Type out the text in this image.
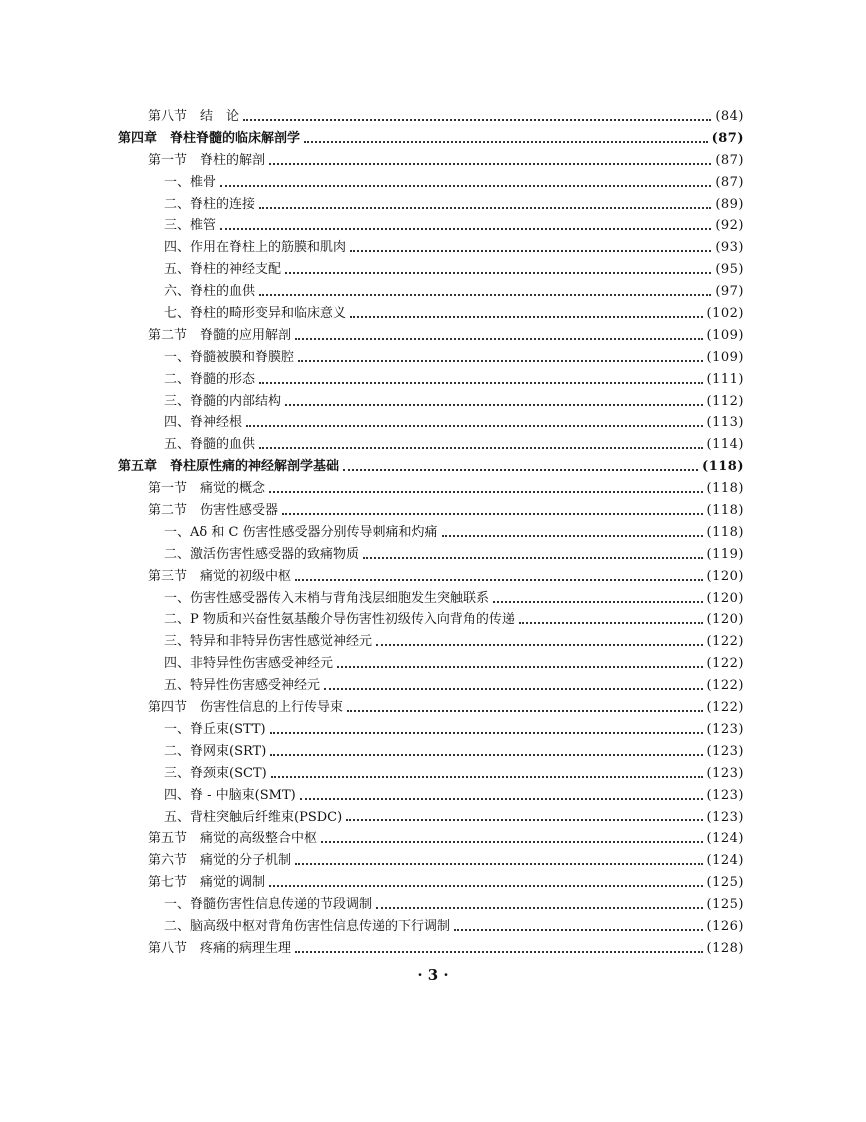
第八节　结　论	(84)
第四章　脊柱脊髓的临床解剖学	(87)
第一节　脊柱的解剖	(87)
一、椎骨	(87)
二、脊柱的连接	(89)
三、椎管	(92)
四、作用在脊柱上的筋膜和肌肉	(93)
五、脊柱的神经支配	(95)
六、脊柱的血供	(97)
七、脊柱的畸形变异和临床意义	(102)
第二节　脊髓的应用解剖	(109)
一、脊髓被膜和脊膜腔	(109)
二、脊髓的形态	(111)
三、脊髓的内部结构	(112)
四、脊神经根	(113)
五、脊髓的血供	(114)
第五章　脊柱原性痛的神经解剖学基础	(118)
第一节　痛觉的概念	(118)
第二节　伤害性感受器	(118)
一、Aδ 和 C 伤害性感受器分别传导刺痛和灼痛	(118)
二、激活伤害性感受器的致痛物质	(119)
第三节　痛觉的初级中枢	(120)
一、伤害性感受器传入末梢与背角浅层细胞发生突触联系	(120)
二、P 物质和兴奋性氨基酸介导伤害性初级传入向背角的传递	(120)
三、特异和非特异伤害性感觉神经元	(122)
四、非特异性伤害感受神经元	(122)
五、特异性伤害感受神经元	(122)
第四节　伤害性信息的上行传导束	(122)
一、脊丘束(STT)	(123)
二、脊网束(SRT)	(123)
三、脊颈束(SCT)	(123)
四、脊 - 中脑束(SMT)	(123)
五、背柱突触后纤维束(PSDC)	(123)
第五节　痛觉的高级整合中枢	(124)
第六节　痛觉的分子机制	(124)
第七节　痛觉的调制	(125)
一、脊髓伤害性信息传递的节段调制	(125)
二、脑高级中枢对背角伤害性信息传递的下行调制	(126)
第八节　疼痛的病理生理	(128)
· 3 ·
